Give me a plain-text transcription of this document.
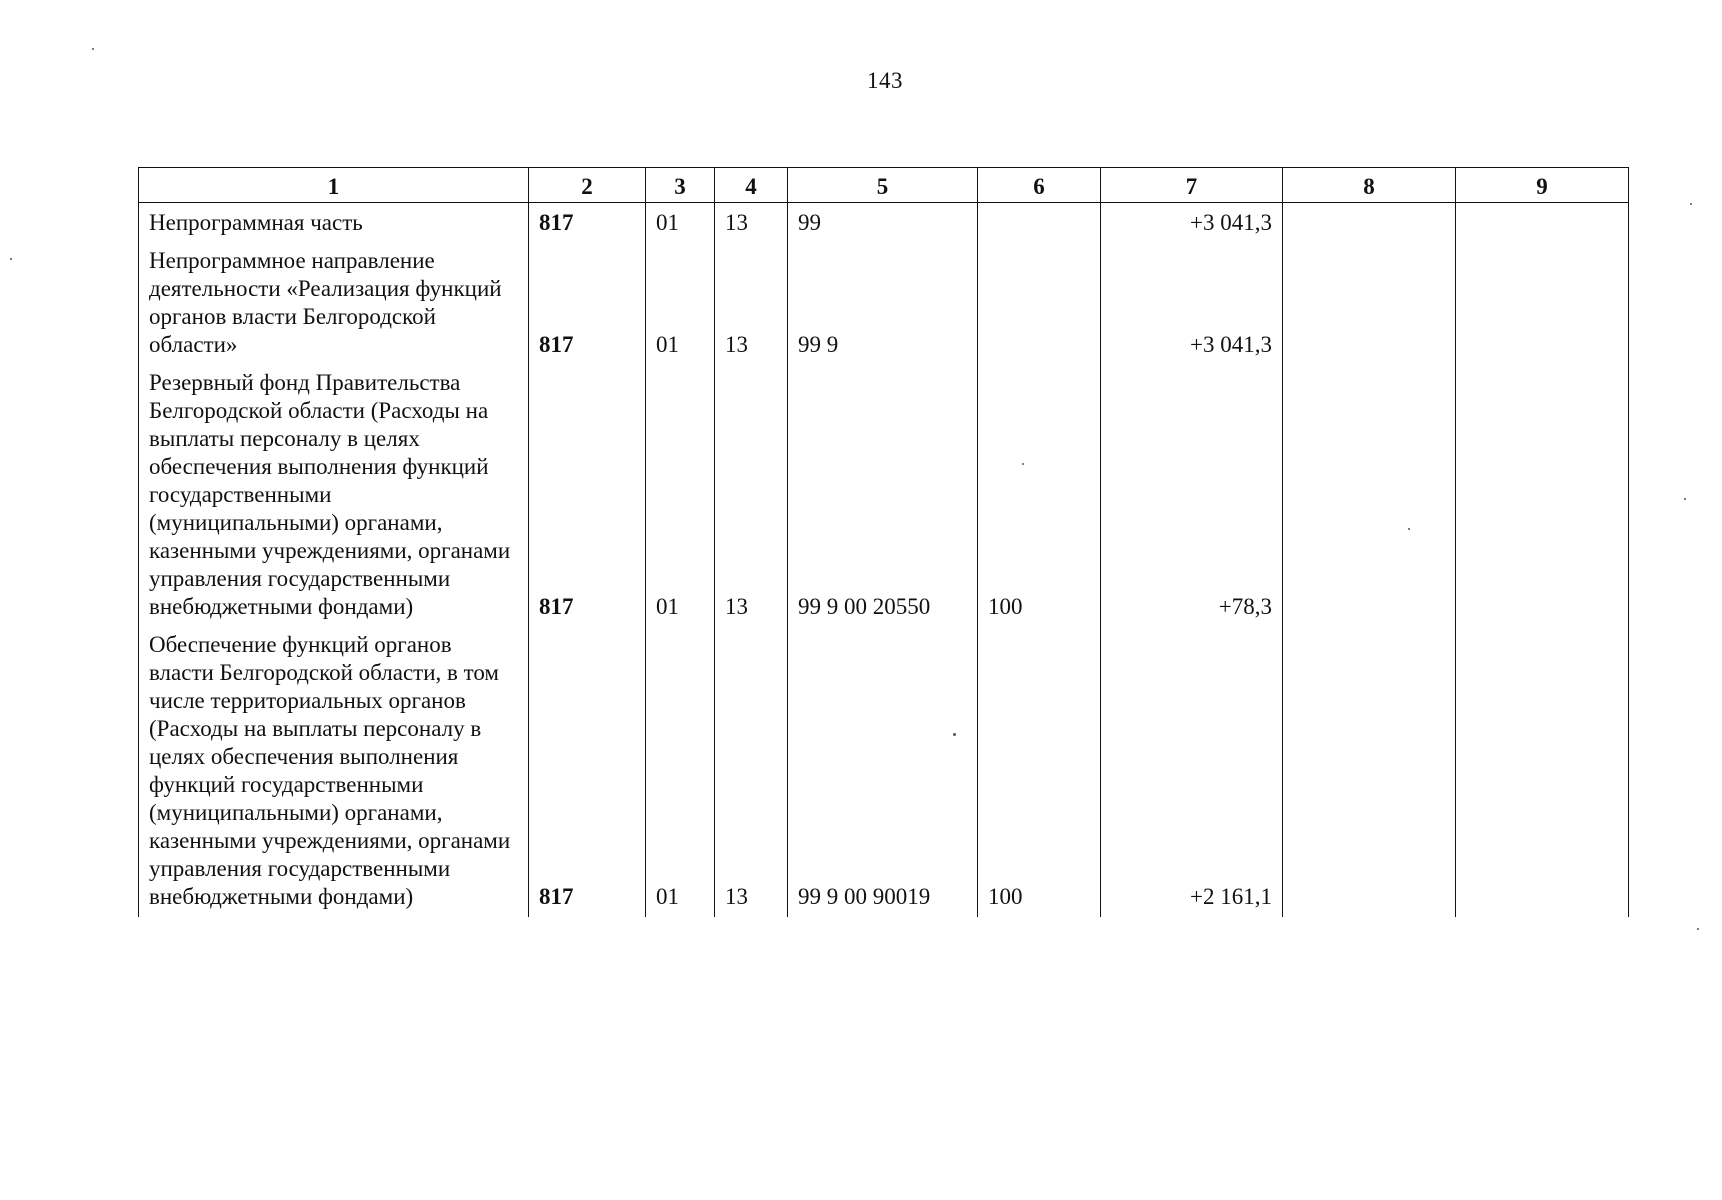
143
1	2	3	4	5	6	7	8	9
Непрограммная часть	817	01	13	99		+3 041,3		
Непрограммное направление деятельности «Реализация функций органов власти Белгородской области»	817	01	13	99 9		+3 041,3		
Резервный фонд Правительства Белгородской области (Расходы на выплаты персоналу в целях обеспечения выполнения функций государственными (муниципальными) органами, казенными учреждениями, органами управления государственными внебюджетными фондами)	817	01	13	99 9 00 20550	100	+78,3		
Обеспечение функций органов власти Белгородской области, в том числе территориальных органов (Расходы на выплаты персоналу в целях обеспечения выполнения функций государственными (муниципальными) органами, казенными учреждениями, органами управления государственными внебюджетными фондами)	817	01	13	99 9 00 90019	100	+2 161,1		
